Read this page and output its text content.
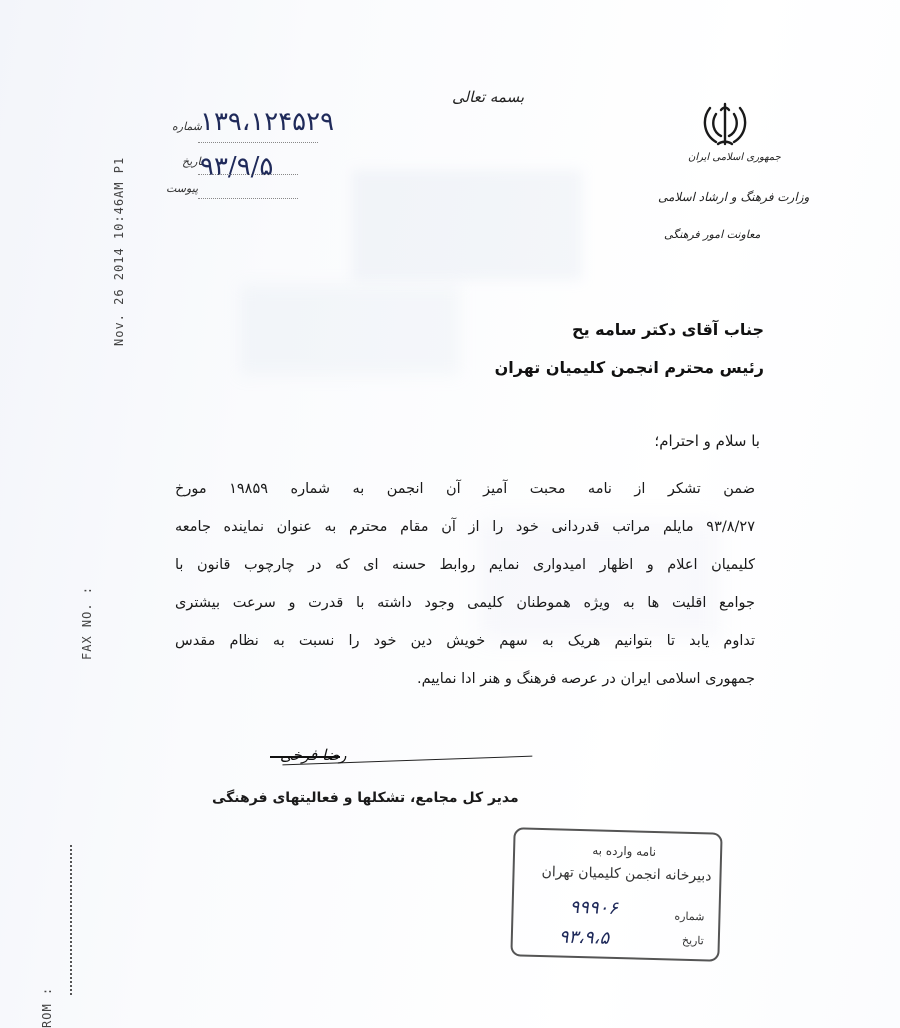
Nov. 26 2014 10:46AM P1
FAX NO. :
ROM :
بسمه تعالی
جمهوری اسلامی ایران
وزارت فرهنگ و ارشاد اسلامی
معاونت امور فرهنگی
شماره
۱۳۹،۱۲۴۵۲۹
تاریخ
۹۳/۹/۵
پیوست
جناب آقای دکتر سامه یح
رئیس محترم انجمن کلیمیان تهران
با سلام و احترام؛
ضمن تشکر از نامه محبت آمیز آن انجمن به شماره ۱۹۸۵۹ مورخ
۹۳/۸/۲۷ مایلم مراتب قدردانی خود را از آن مقام محترم به عنوان نماینده جامعه
کلیمیان اعلام و اظهار امیدواری نمایم روابط حسنه ای که در چارچوب قانون با
جوامع اقلیت ها به ویژه هموطنان کلیمی وجود داشته با قدرت و سرعت بیشتری
تداوم یابد تا بتوانیم هریک به سهم خویش دین خود را نسبت به نظام مقدس
جمهوری اسلامی ایران در عرصه فرهنگ و هنر ادا نماییم.
رضا فرخی
مدیر کل مجامع، تشکلها و فعالیتهای فرهنگی
نامه وارده به
دبیرخانه انجمن کلیمیان تهران
شماره
تاریخ
۹۹۹۰۶
۹۳،۹،۵
